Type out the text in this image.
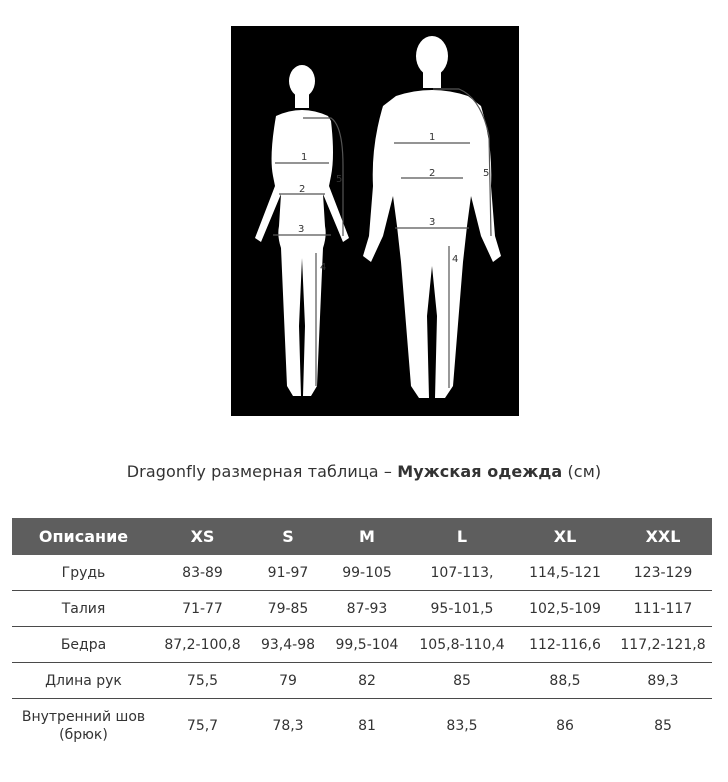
1
2
3
4
5
1
2
3
4
5
Dragonfly размерная таблица – Мужская одежда (см)
Описание	XS	S	M	L	XL	XXL
Грудь	83-89	91-97	99-105	107-113,	114,5-121	123-129
Талия	71-77	79-85	87-93	95-101,5	102,5-109	111-117
Бедра	87,2-100,8	93,4-98	99,5-104	105,8-110,4	112-116,6	117,2-121,8
Длина рук	75,5	79	82	85	88,5	89,3
Внутренний шов (брюк)	75,7	78,3	81	83,5	86	85
